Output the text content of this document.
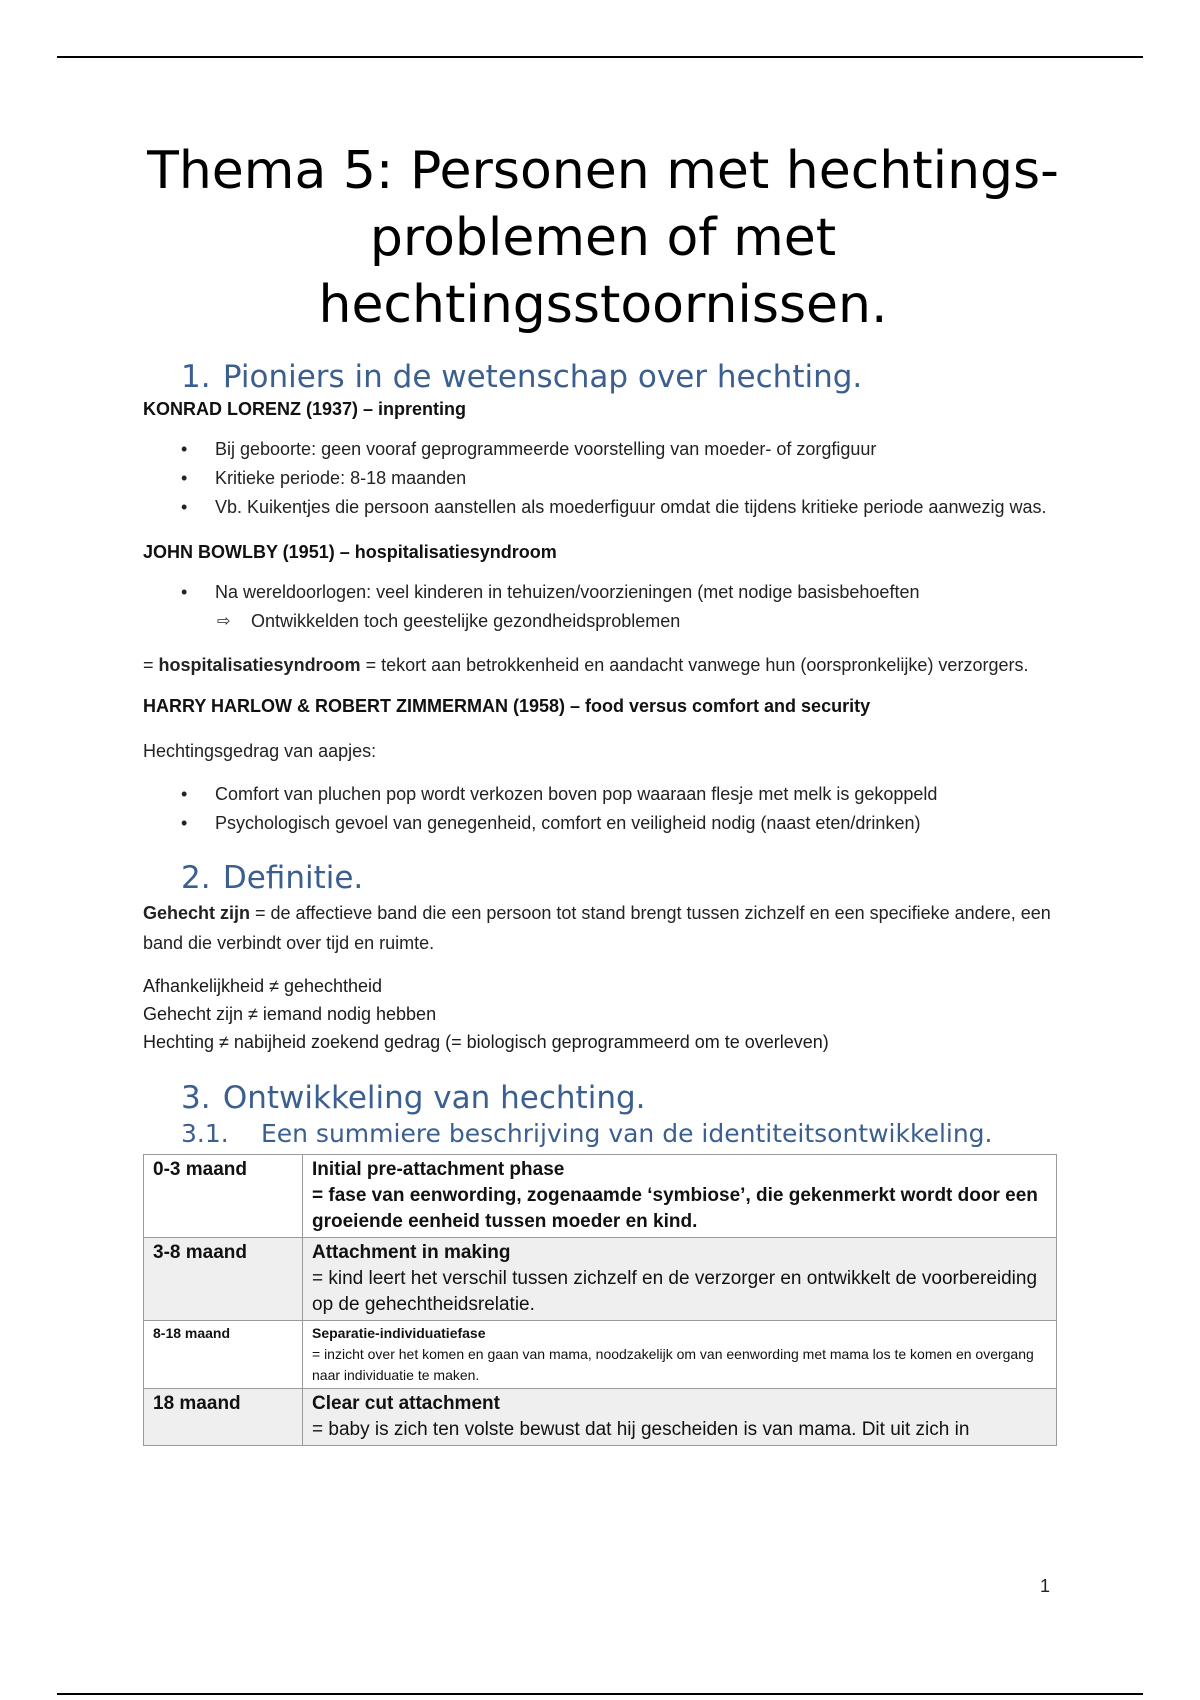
Thema 5: Personen met hechtings-problemen of met hechtingsstoornissen.
1. Pioniers in de wetenschap over hechting.
KONRAD LORENZ (1937) – inprenting
• Bij geboorte: geen vooraf geprogrammeerde voorstelling van moeder- of zorgfiguur
• Kritieke periode: 8-18 maanden
• Vb. Kuikentjes die persoon aanstellen als moederfiguur omdat die tijdens kritieke periode aanwezig was.
JOHN BOWLBY (1951) – hospitalisatiesyndroom
• Na wereldoorlogen: veel kinderen in tehuizen/voorzieningen (met nodige basisbehoeften
⇨ Ontwikkelden toch geestelijke gezondheidsproblemen

= hospitalisatiesyndroom = tekort aan betrokkenheid en aandacht vanwege hun (oorspronkelijke) verzorgers.

HARRY HARLOW & ROBERT ZIMMERMAN (1958) – food versus comfort and security

Hechtingsgedrag van aapjes:

• Comfort van pluchen pop wordt verkozen boven pop waaraan flesje met melk is gekoppeld
• Psychologisch gevoel van genegenheid, comfort en veiligheid nodig (naast eten/drinken)
2. Definitie.

Gehecht zijn = de affectieve band die een persoon tot stand brengt tussen zichzelf en een specifieke andere, een band die verbindt over tijd en ruimte.

Afhankelijkheid ≠ gehechtheid
Gehecht zijn ≠ iemand nodig hebben
Hechting ≠ nabijheid zoekend gedrag (= biologisch geprogrammeerd om te overleven)
3. Ontwikkeling van hechting.
3.1. Een summiere beschrijving van de identiteitsontwikkeling.
0-3 maand	Initial pre-attachment phase
= fase van eenwording, zogenaamde ‘symbiose’, die gekenmerkt wordt door een groeiende eenheid tussen moeder en kind.

3-8 maand	Attachment in making
= kind leert het verschil tussen zichzelf en de verzorger en ontwikkelt de voorbereiding op de gehechtheidsrelatie.

8-18 maand	Separatie-individuatiefase
= inzicht over het komen en gaan van mama, noodzakelijk om van eenwording met mama los te komen en overgang naar individuatie te maken.

18 maand	Clear cut attachment
= baby is zich ten volste bewust dat hij gescheiden is van mama. Dit uit zich in
1
